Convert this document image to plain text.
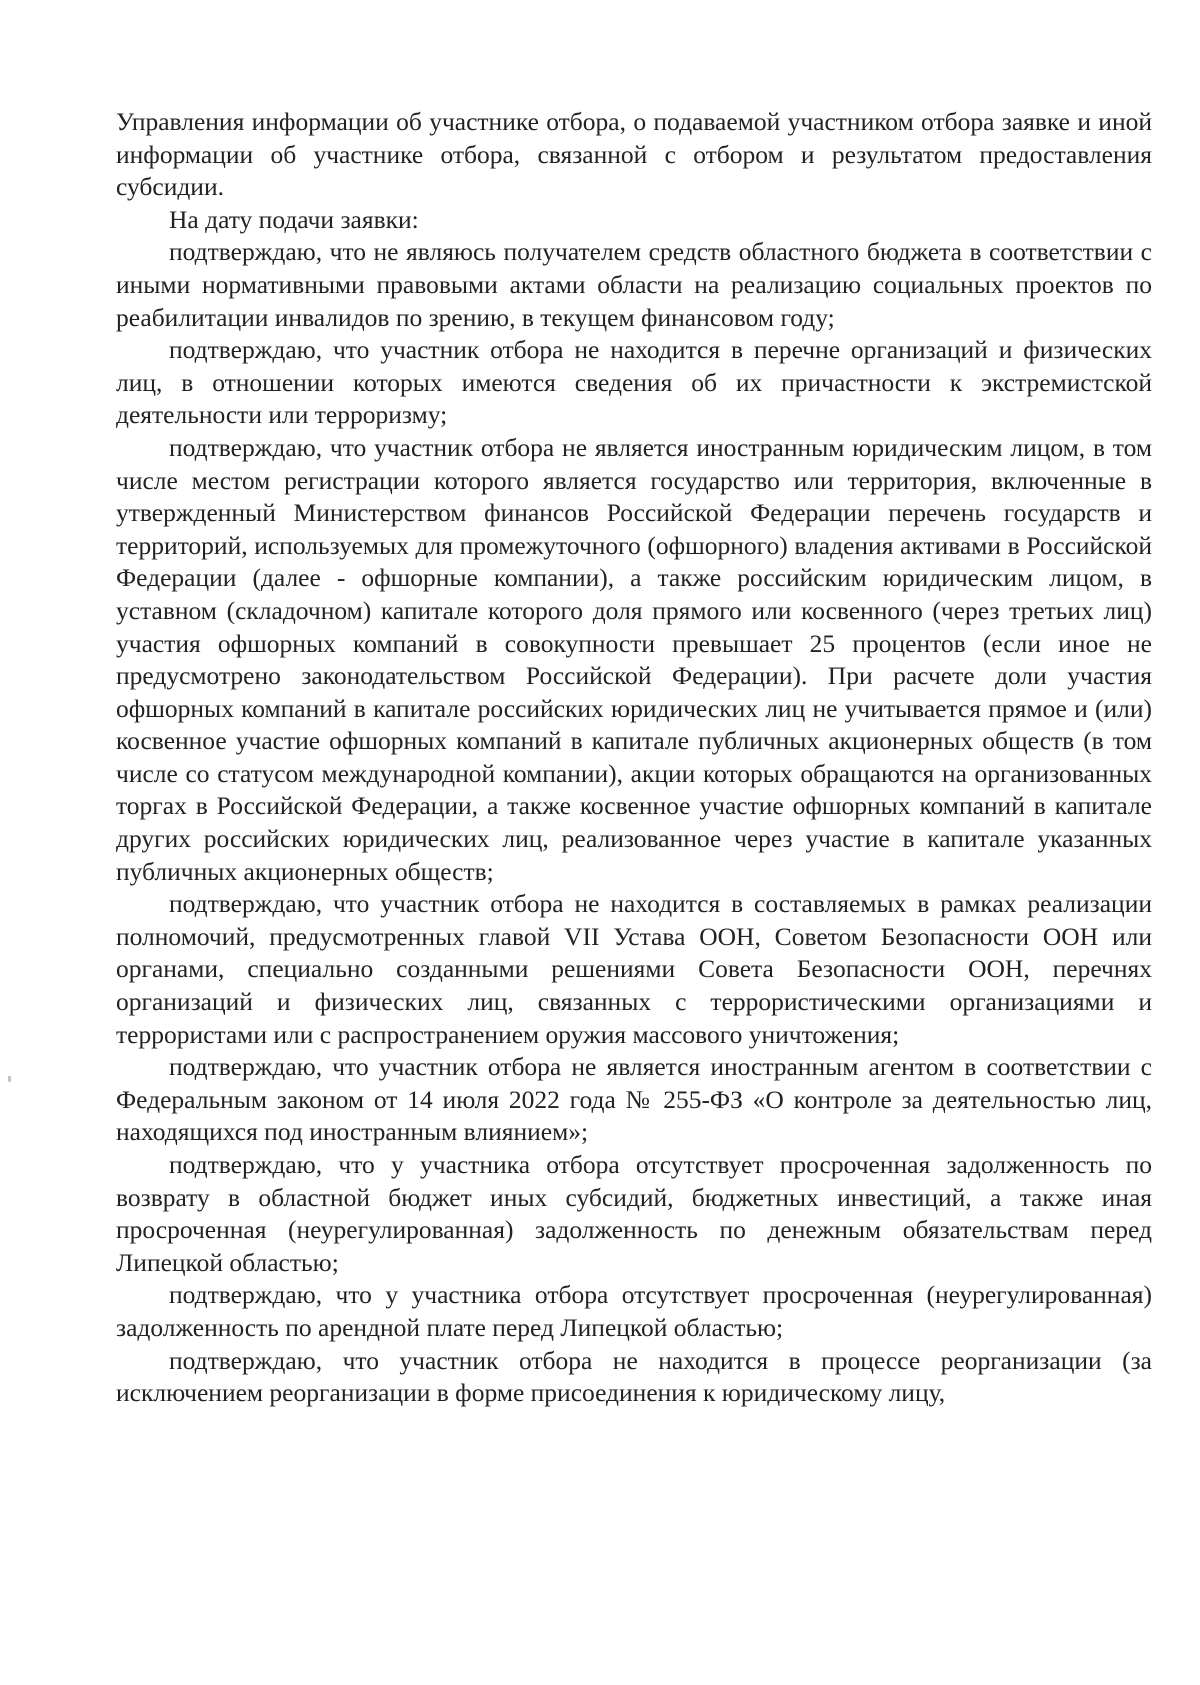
Управления информации об участнике отбора, о подаваемой участником отбора заявке и иной информации об участнике отбора, связанной с отбором и результатом предоставления субсидии.

На дату подачи заявки:

подтверждаю, что не являюсь получателем средств областного бюджета в соответствии с иными нормативными правовыми актами области на реализацию социальных проектов по реабилитации инвалидов по зрению, в текущем финансовом году;

подтверждаю, что участник отбора не находится в перечне организаций и физических лиц, в отношении которых имеются сведения об их причастности к экстремистской деятельности или терроризму;

подтверждаю, что участник отбора не является иностранным юридическим лицом, в том числе местом регистрации которого является государство или территория, включенные в утвержденный Министерством финансов Российской Федерации перечень государств и территорий, используемых для промежуточного (офшорного) владения активами в Российской Федерации (далее - офшорные компании), а также российским юридическим лицом, в уставном (складочном) капитале которого доля прямого или косвенного (через третьих лиц) участия офшорных компаний в совокупности превышает 25 процентов (если иное не предусмотрено законодательством Российской Федерации). При расчете доли участия офшорных компаний в капитале российских юридических лиц не учитывается прямое и (или) косвенное участие офшорных компаний в капитале публичных акционерных обществ (в том числе со статусом международной компании), акции которых обращаются на организованных торгах в Российской Федерации, а также косвенное участие офшорных компаний в капитале других российских юридических лиц, реализованное через участие в капитале указанных публичных акционерных обществ;

подтверждаю, что участник отбора не находится в составляемых в рамках реализации полномочий, предусмотренных главой VII Устава ООН, Советом Безопасности ООН или органами, специально созданными решениями Совета Безопасности ООН, перечнях организаций и физических лиц, связанных с террористическими организациями и террористами или с распространением оружия массового уничтожения;

подтверждаю, что участник отбора не является иностранным агентом в соответствии с Федеральным законом от 14 июля 2022 года № 255-ФЗ «О контроле за деятельностью лиц, находящихся под иностранным влиянием»;

подтверждаю, что у участника отбора отсутствует просроченная задолженность по возврату в областной бюджет иных субсидий, бюджетных инвестиций, а также иная просроченная (неурегулированная) задолженность по денежным обязательствам перед Липецкой областью;

подтверждаю, что у участника отбора отсутствует просроченная (неурегулированная) задолженность по арендной плате перед Липецкой областью;

подтверждаю, что участник отбора не находится в процессе реорганизации (за исключением реорганизации в форме присоединения к юридическому лицу,
